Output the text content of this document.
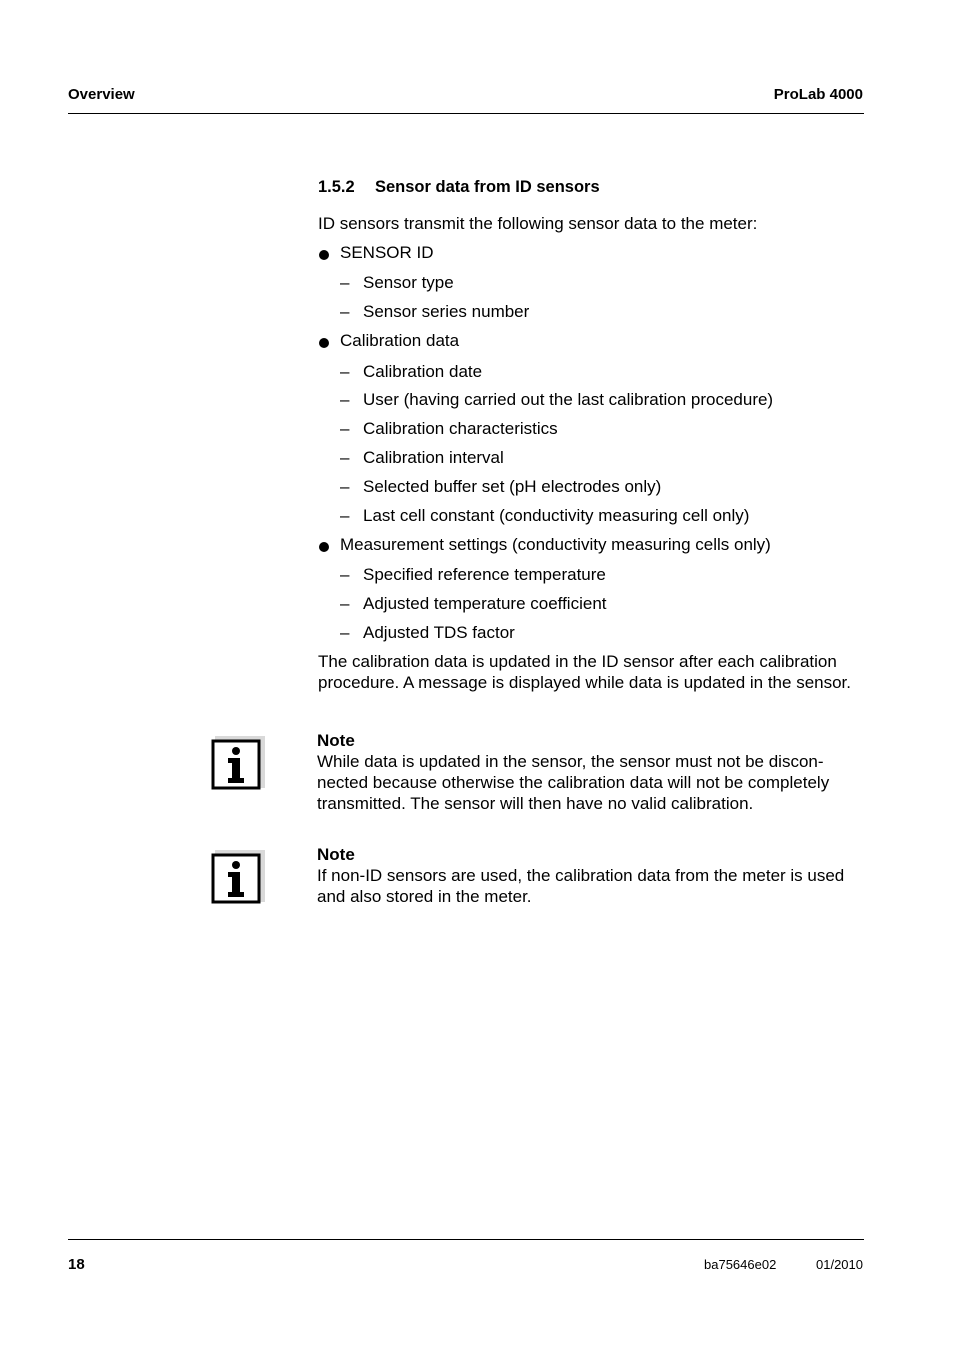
Overview	ProLab 4000
1.5.2 Sensor data from ID sensors
ID sensors transmit the following sensor data to the meter:
SENSOR ID
– Sensor type
– Sensor series number
Calibration data
– Calibration date
– User (having carried out the last calibration procedure)
– Calibration characteristics
– Calibration interval
– Selected buffer set (pH electrodes only)
– Last cell constant (conductivity measuring cell only)
Measurement settings (conductivity measuring cells only)
– Specified reference temperature
– Adjusted temperature coefficient
– Adjusted TDS factor
The calibration data is updated in the ID sensor after each calibration
procedure. A message is displayed while data is updated in the sensor.
Note
While data is updated in the sensor, the sensor must not be discon-
nected because otherwise the calibration data will not be completely
transmitted. The sensor will then have no valid calibration.
Note
If non-ID sensors are used, the calibration data from the meter is used
and also stored in the meter.
18	ba75646e02	01/2010
